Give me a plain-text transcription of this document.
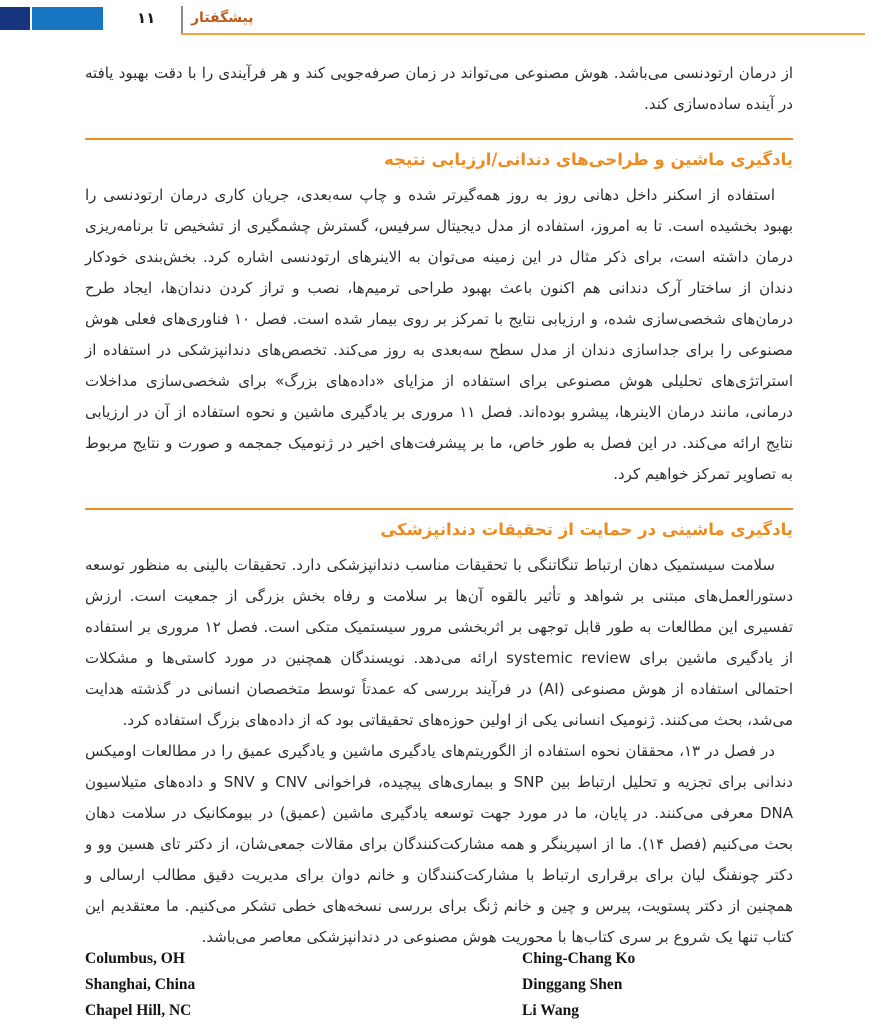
۱۱	پیشگفتار

از درمان ارتودنسی می‌باشد. هوش مصنوعی می‌تواند در زمان صرفه‌جویی کند و هر فرآیندی را با دقت بهبود یافته در آینده ساده‌سازی کند.

یادگیری ماشین و طراحی‌های دندانی/ارزیابی نتیجه

استفاده از اسکنر داخل دهانی روز به روز همه‌گیرتر شده و چاپ سه‌بعدی، جریان کاری درمان ارتودنسی را بهبود بخشیده است. تا به امروز، استفاده از مدل دیجیتال سرفیس، گسترش چشمگیری از تشخیص تا برنامه‌ریزی درمان داشته است، برای ذکر مثال در این زمینه می‌توان به الاینرهای ارتودنسی اشاره کرد. بخش‌بندی خودکار دندان از ساختار آرک دندانی هم اکنون باعث بهبود طراحی ترمیم‌ها، نصب و تراز کردن دندان‌ها، ایجاد طرح درمان‌های شخصی‌سازی شده، و ارزیابی نتایج با تمرکز بر روی بیمار شده است. فصل ۱۰ فناوری‌های فعلی هوش مصنوعی را برای جداسازی دندان از مدل سطح سه‌بعدی به روز می‌کند. تخصص‌های دندانپزشکی در استفاده از استراتژی‌های تحلیلی هوش مصنوعی برای استفاده از مزایای «داده‌های بزرگ» برای شخصی‌سازی مداخلات درمانی، مانند درمان الاینرها، پیشرو بوده‌اند. فصل ۱۱ مروری بر یادگیری ماشین و نحوه استفاده از آن در ارزیابی نتایج ارائه می‌کند. در این فصل به طور خاص، ما بر پیشرفت‌های اخیر در ژنومیک جمجمه و صورت و نتایج مربوط به تصاویر تمرکز خواهیم کرد.

یادگیری ماشینی در حمایت از تحقیقات دندانپزشکی

سلامت سیستمیک دهان ارتباط تنگاتنگی با تحقیقات مناسب دندانپزشکی دارد. تحقیقات بالینی به منظور توسعه دستورالعمل‌های مبتنی بر شواهد و تأثیر بالقوه آن‌ها بر سلامت و رفاه بخش بزرگی از جمعیت است. ارزش تفسیری این مطالعات به طور قابل توجهی بر اثربخشی مرور سیستمیک متکی است. فصل ۱۲ مروری بر استفاده از یادگیری ماشین برای systemic review ارائه می‌دهد. نویسندگان همچنین در مورد کاستی‌ها و مشکلات احتمالی استفاده از هوش مصنوعی (AI) در فرآیند بررسی که عمدتاً توسط متخصصان انسانی در گذشته هدایت می‌شد، بحث می‌کنند. ژنومیک انسانی یکی از اولین حوزه‌های تحقیقاتی بود که از داده‌های بزرگ استفاده کرد.

در فصل در ۱۳، محققان نحوه استفاده از الگوریتم‌های یادگیری ماشین و یادگیری عمیق را در مطالعات اومیکس دندانی برای تجزیه و تحلیل ارتباط بین SNP و بیماری‌های پیچیده، فراخوانی CNV و SNV و داده‌های متیلاسیون DNA معرفی می‌کنند. در پایان، ما در مورد جهت توسعه یادگیری ماشین (عمیق) در بیومکانیک در سلامت دهان بحث می‌کنیم (فصل ۱۴). ما از اسپرینگر و همه مشارکت‌کنندگان برای مقالات جمعی‌شان، از دکتر تای هسین وو و دکتر چونفنگ لیان برای برقراری ارتباط با مشارکت‌کنندگان و خانم دوان برای مدیریت دقیق مطالب ارسالی و همچنین از دکتر پستویت، پیرس و چین و خانم ژنگ برای بررسی نسخه‌های خطی تشکر می‌کنیم. ما معتقدیم این کتاب تنها یک شروع بر سری کتاب‌ها با محوریت هوش مصنوعی در دندانپزشکی معاصر می‌باشد.

Columbus, OH	Ching-Chang Ko
Shanghai, China	Dinggang Shen
Chapel Hill, NC	Li Wang
